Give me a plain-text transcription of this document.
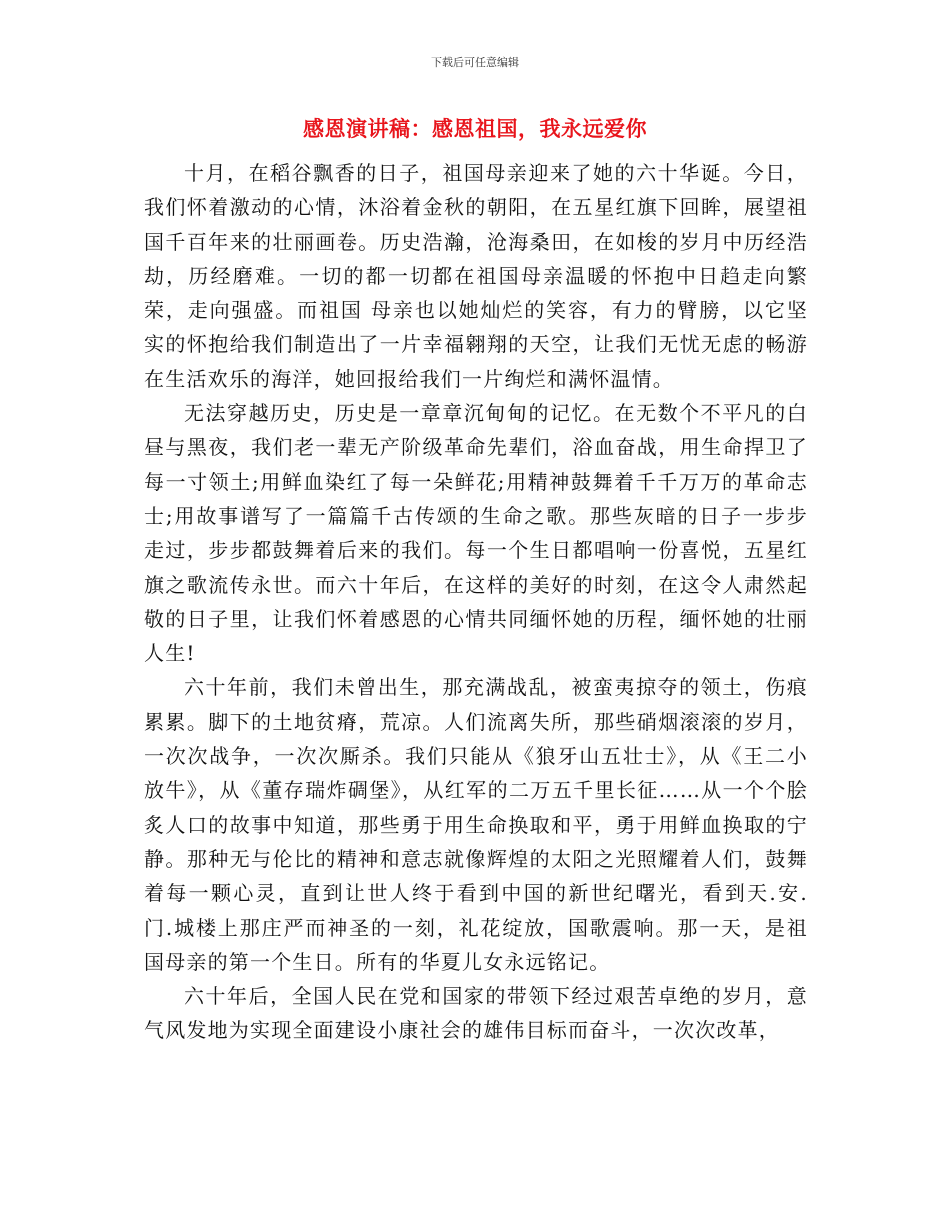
下载后可任意编辑
感恩演讲稿：感恩祖国，我永远爱你

十月，在稻谷飘香的日子，祖国母亲迎来了她的六十华诞。今日，我们怀着激动的心情，沐浴着金秋的朝阳，在五星红旗下回眸，展望祖国千百年来的壮丽画卷。历史浩瀚，沧海桑田，在如梭的岁月中历经浩劫，历经磨难。一切的都一切都在祖国母亲温暖的怀抱中日趋走向繁荣，走向强盛。而祖国 母亲也以她灿烂的笑容，有力的臂膀，以它坚实的怀抱给我们制造出了一片幸福翱翔的天空，让我们无忧无虑的畅游在生活欢乐的海洋，她回报给我们一片绚烂和满怀温情。

无法穿越历史，历史是一章章沉甸甸的记忆。在无数个不平凡的白昼与黑夜，我们老一辈无产阶级革命先辈们，浴血奋战，用生命捍卫了每一寸领土;用鲜血染红了每一朵鲜花;用精神鼓舞着千千万万的革命志士;用故事谱写了一篇篇千古传颂的生命之歌。那些灰暗的日子一步步走过，步步都鼓舞着后来的我们。每一个生日都唱响一份喜悦，五星红旗之歌流传永世。而六十年后，在这样的美好的时刻，在这令人肃然起敬的日子里，让我们怀着感恩的心情共同缅怀她的历程，缅怀她的壮丽人生!

六十年前，我们未曾出生，那充满战乱，被蛮夷掠夺的领土，伤痕累累。脚下的土地贫瘠，荒凉。人们流离失所，那些硝烟滚滚的岁月，一次次战争，一次次厮杀。我们只能从《狼牙山五壮士》，从《王二小放牛》，从《董存瑞炸碉堡》，从红军的二万五千里长征……从一个个脍炙人口的故事中知道，那些勇于用生命换取和平，勇于用鲜血换取的宁静。那种无与伦比的精神和意志就像辉煌的太阳之光照耀着人们，鼓舞着每一颗心灵，直到让世人终于看到中国的新世纪曙光，看到天.安. 门.城楼上那庄严而神圣的一刻，礼花绽放，国歌震响。那一天，是祖国母亲的第一个生日。所有的华夏儿女永远铭记。

六十年后，全国人民在党和国家的带领下经过艰苦卓绝的岁月，意气风发地为实现全面建设小康社会的雄伟目标而奋斗，一次次改革，
